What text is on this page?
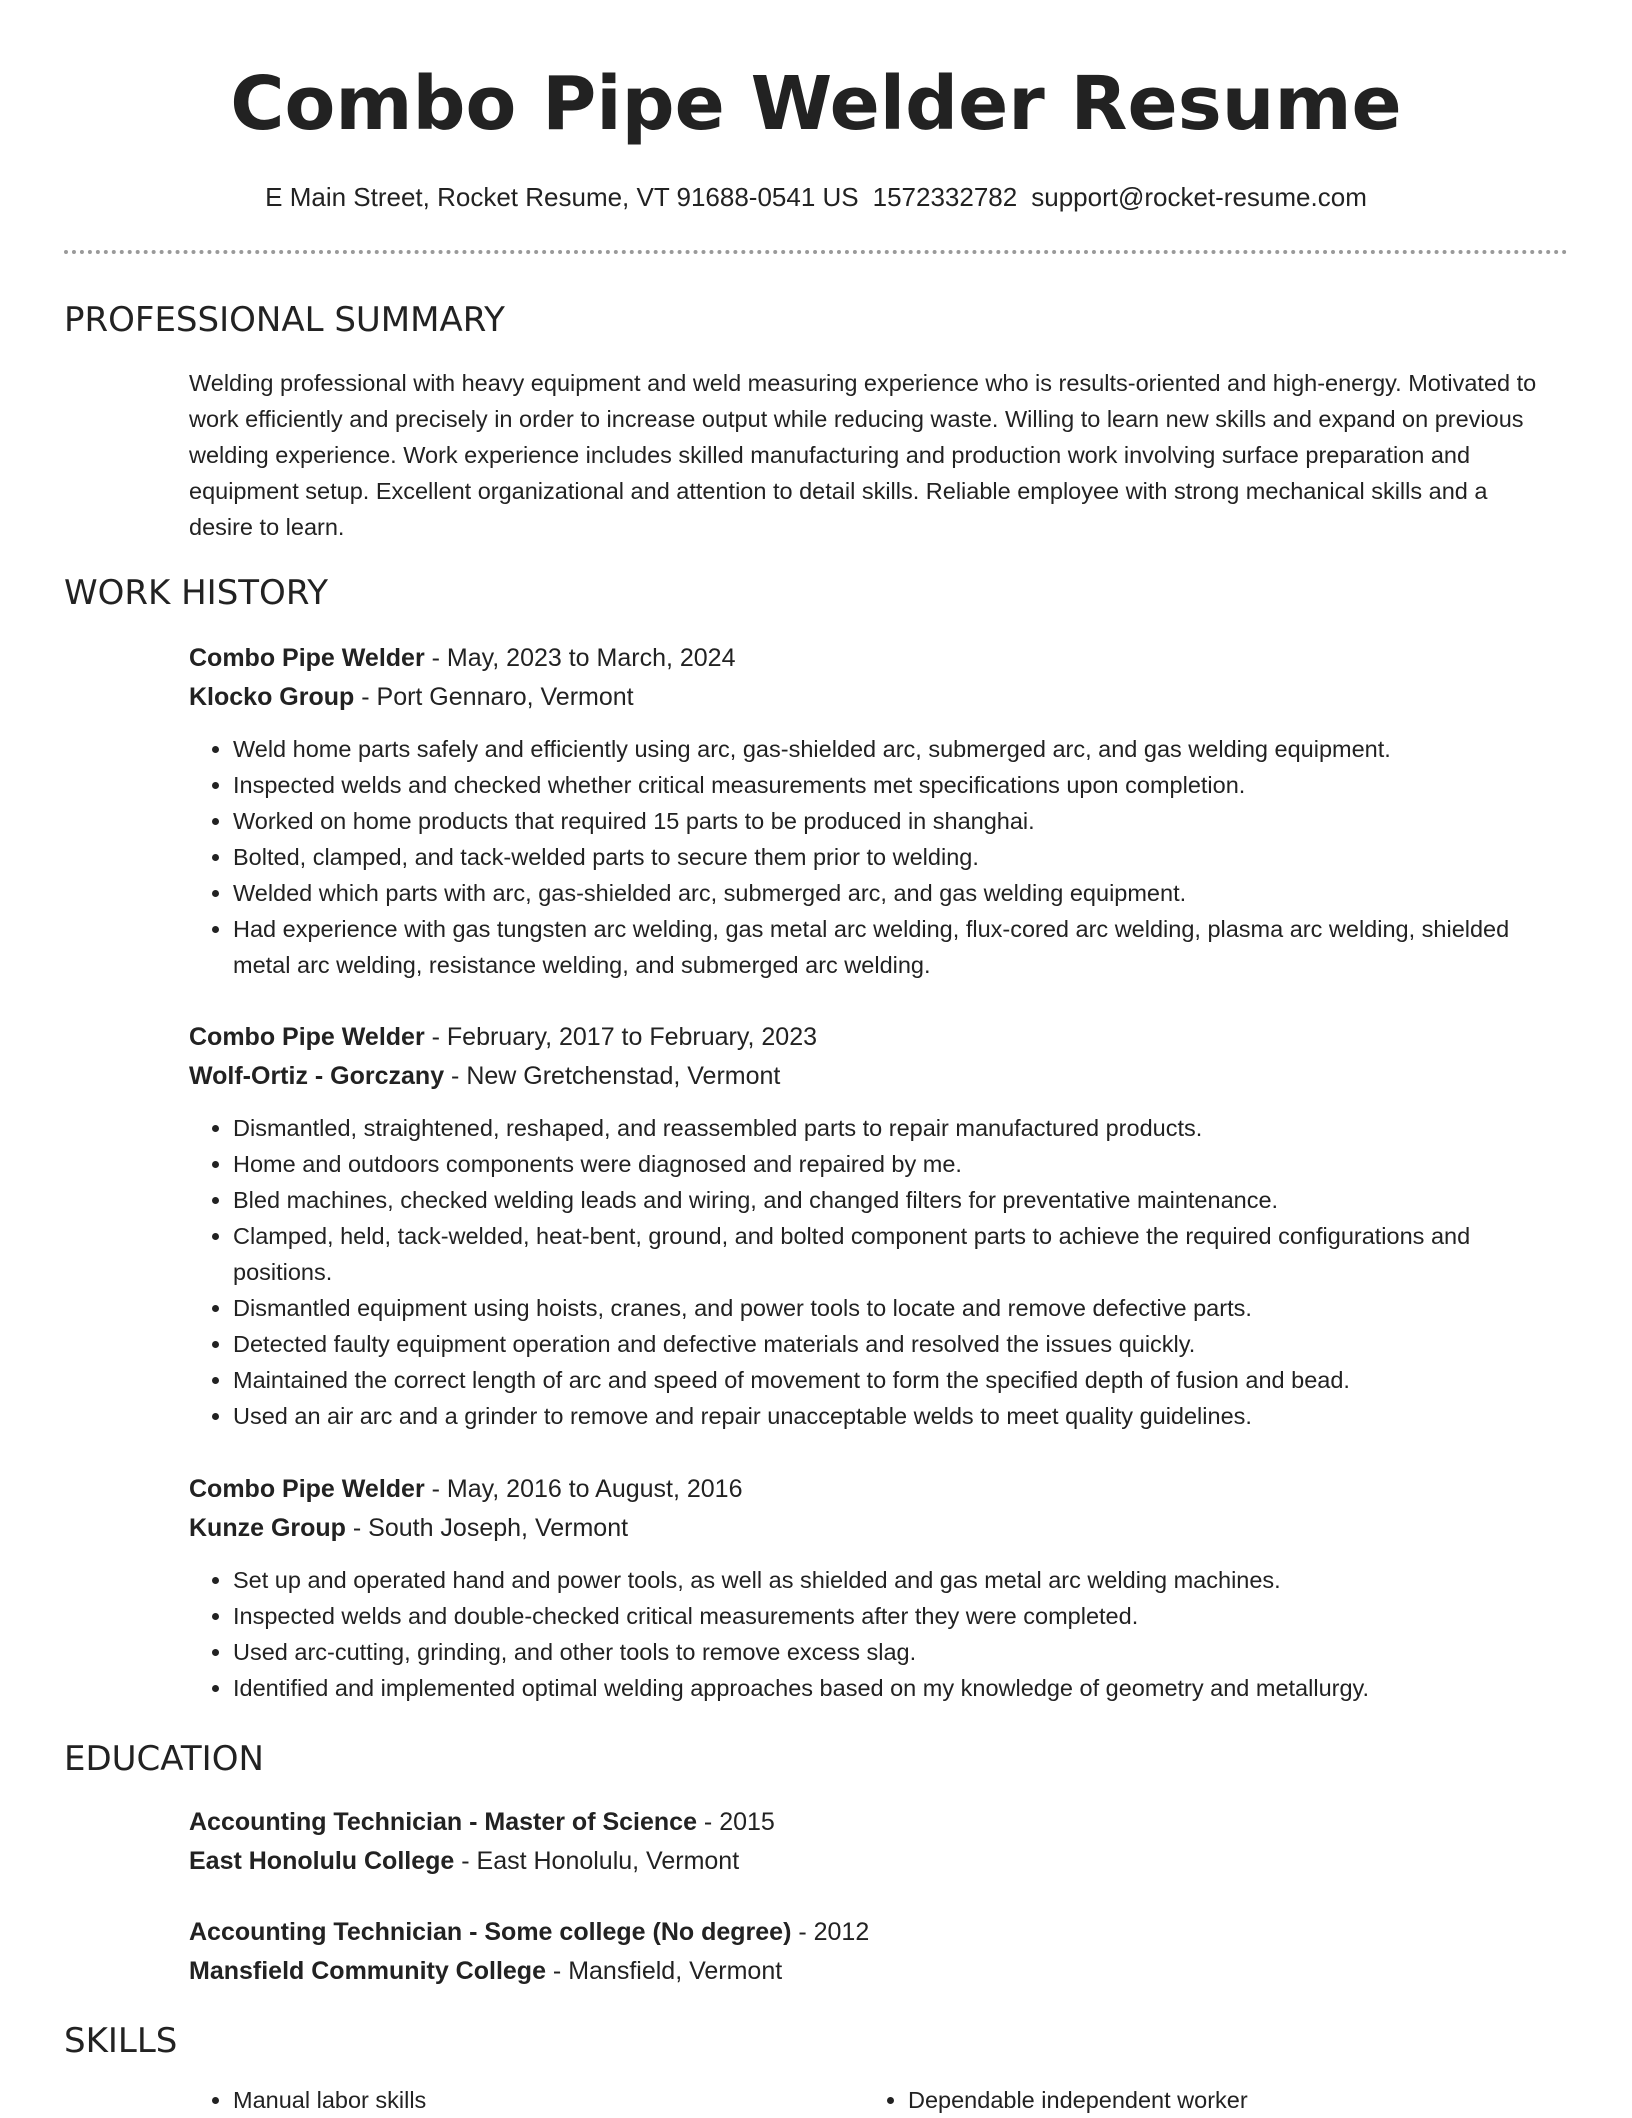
Combo Pipe Welder Resume
E Main Street, Rocket Resume, VT 91688-0541 US 1572332782 support@rocket-resume.com
PROFESSIONAL SUMMARY

Welding professional with heavy equipment and weld measuring experience who is results-oriented and high-energy. Motivated to work efficiently and precisely in order to increase output while reducing waste. Willing to learn new skills and expand on previous welding experience. Work experience includes skilled manufacturing and production work involving surface preparation and equipment setup. Excellent organizational and attention to detail skills. Reliable employee with strong mechanical skills and a desire to learn.

WORK HISTORY

Combo Pipe Welder - May, 2023 to March, 2024

Klocko Group - Port Gennaro, Vermont

• Weld home parts safely and efficiently using arc, gas-shielded arc, submerged arc, and gas welding equipment.
• Inspected welds and checked whether critical measurements met specifications upon completion.
• Worked on home products that required 15 parts to be produced in shanghai.
• Bolted, clamped, and tack-welded parts to secure them prior to welding.
• Welded which parts with arc, gas-shielded arc, submerged arc, and gas welding equipment.
• Had experience with gas tungsten arc welding, gas metal arc welding, flux-cored arc welding, plasma arc welding, shielded metal arc welding, resistance welding, and submerged arc welding.

Combo Pipe Welder - February, 2017 to February, 2023

Wolf-Ortiz - Gorczany - New Gretchenstad, Vermont

• Dismantled, straightened, reshaped, and reassembled parts to repair manufactured products.
• Home and outdoors components were diagnosed and repaired by me.
• Bled machines, checked welding leads and wiring, and changed filters for preventative maintenance.
• Clamped, held, tack-welded, heat-bent, ground, and bolted component parts to achieve the required configurations and positions.
• Dismantled equipment using hoists, cranes, and power tools to locate and remove defective parts.
• Detected faulty equipment operation and defective materials and resolved the issues quickly.
• Maintained the correct length of arc and speed of movement to form the specified depth of fusion and bead.
• Used an air arc and a grinder to remove and repair unacceptable welds to meet quality guidelines.

Combo Pipe Welder - May, 2016 to August, 2016

Kunze Group - South Joseph, Vermont

• Set up and operated hand and power tools, as well as shielded and gas metal arc welding machines.
• Inspected welds and double-checked critical measurements after they were completed.
• Used arc-cutting, grinding, and other tools to remove excess slag.
• Identified and implemented optimal welding approaches based on my knowledge of geometry and metallurgy.
EDUCATION

Accounting Technician - Master of Science - 2015

East Honolulu College - East Honolulu, Vermont

Accounting Technician - Some college (No degree) - 2012

Mansfield Community College - Mansfield, Vermont

SKILLS
• Manual labor skills
•	Dependable independent worker
